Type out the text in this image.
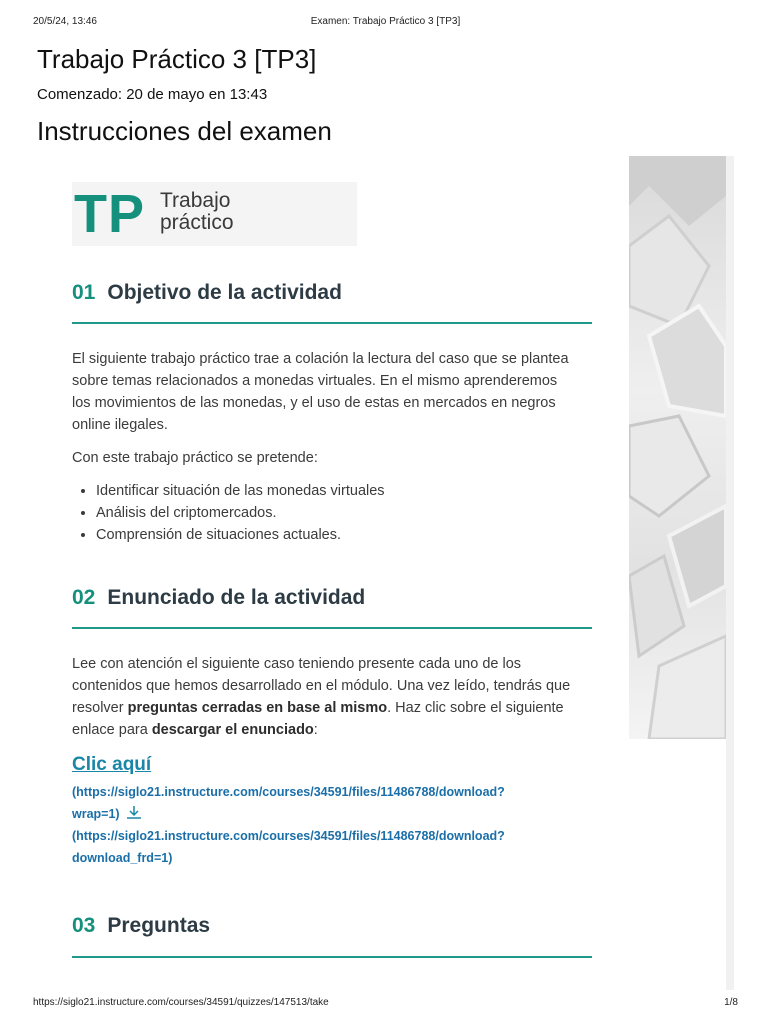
20/5/24, 13:46	Examen: Trabajo Práctico 3 [TP3]
Trabajo Práctico 3 [TP3]
Comenzado: 20 de mayo en 13:43
Instrucciones del examen
TP Trabajo
práctico
01 Objetivo de la actividad

El siguiente trabajo práctico trae a colación la lectura del caso que se plantea sobre temas relacionados a monedas virtuales. En el mismo aprenderemos los movimientos de las monedas, y el uso de estas en mercados en negros online ilegales.

Con este trabajo práctico se pretende:

• Identificar situación de las monedas virtuales
• Análisis del criptomercados.
• Comprensión de situaciones actuales.
02 Enunciado de la actividad

Lee con atención el siguiente caso teniendo presente cada uno de los contenidos que hemos desarrollado en el módulo. Una vez leído, tendrás que resolver preguntas cerradas en base al mismo. Haz clic sobre el siguiente enlace para descargar el enunciado:

Clic aquí
(https://siglo21.instructure.com/courses/34591/files/11486788/download?
wrap=1)
(https://siglo21.instructure.com/courses/34591/files/11486788/download?
download_frd=1)
03 Preguntas
https://siglo21.instructure.com/courses/34591/quizzes/147513/take	1/8
